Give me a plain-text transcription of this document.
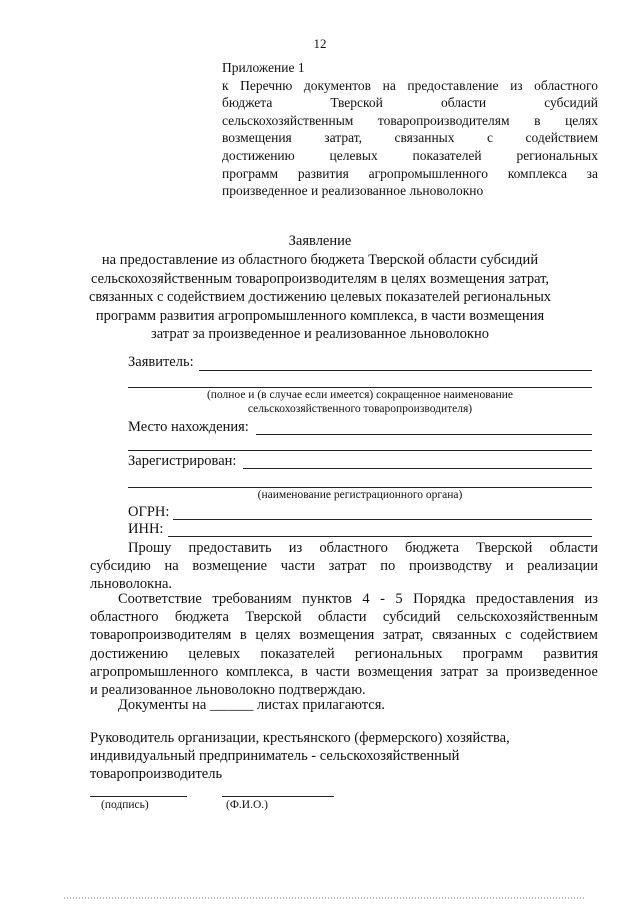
12
Приложение 1
к Перечню документов на предоставление из областного
бюджета Тверской области субсидий
сельскохозяйственным товаропроизводителям в целях
возмещения затрат, связанных с содействием
достижению целевых показателей региональных
программ развития агропромышленного комплекса за
произведенное и реализованное льноволокно
Заявление
на предоставление из областного бюджета Тверской области субсидий
сельскохозяйственным товаропроизводителям в целях возмещения затрат,
связанных с содействием достижению целевых показателей региональных
программ развития агропромышленного комплекса, в части возмещения
затрат за произведенное и реализованное льноволокно
Заявитель:
(полное и (в случае если имеется) сокращенное наименование
сельскохозяйственного товаропроизводителя)
Место нахождения:
Зарегистрирован:
(наименование регистрационного органа)
ОГРН:
ИНН:
Прошу предоставить из областного бюджета Тверской области
субсидию на возмещение части затрат по производству и реализации
льноволокна.
Соответствие требованиям пунктов 4 - 5 Порядка предоставления из
областного бюджета Тверской области субсидий сельскохозяйственным
товаропроизводителям в целях возмещения затрат, связанных с содействием
достижению целевых показателей региональных программ развития
агропромышленного комплекса, в части возмещения затрат за произведенное
и реализованное льноволокно подтверждаю.
Документы на ______ листах прилагаются.
Руководитель организации, крестьянского (фермерского) хозяйства,
индивидуальный предприниматель - сельскохозяйственный
товаропроизводитель
(подпись)	(Ф.И.О.)
